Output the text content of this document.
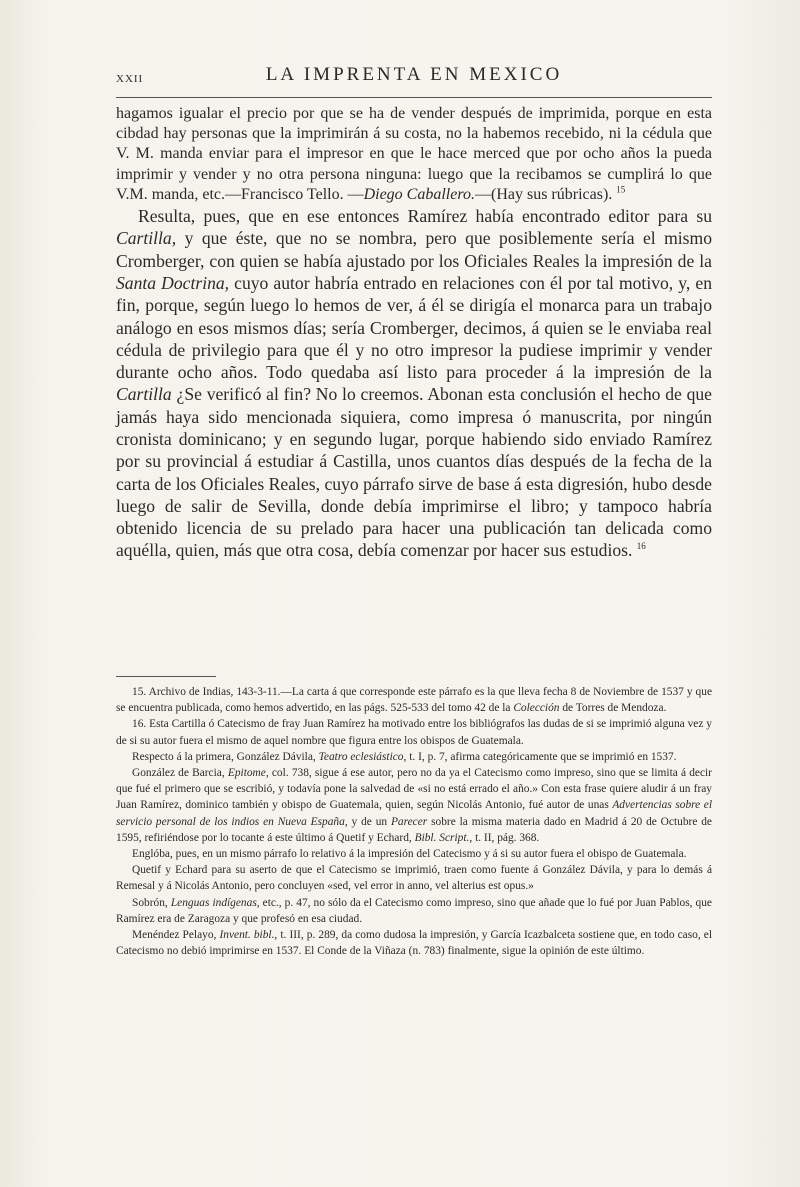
XXII	LA IMPRENTA EN MEXICO

hagamos igualar el precio por que se ha de vender después de imprimida, porque en esta cibdad hay personas que la imprimirán á su costa, no la habemos recebido, ni la cédula que V. M. manda enviar para el impresor en que le hace merced que por ocho años la pueda imprimir y vender y no otra persona ninguna: luego que la recibamos se cumplirá lo que V.M. manda, etc.—Francisco Tello. —Diego Caballero.—(Hay sus rúbricas). $^{15}$

Resulta, pues, que en ese entonces Ramírez había encontrado editor para su Cartilla, y que éste, que no se nombra, pero que posiblemente sería el mismo Cromberger, con quien se había ajustado por los Oficiales Reales la impresión de la Santa Doctrina, cuyo autor habría entrado en relaciones con él por tal motivo, y, en fin, porque, según luego lo hemos de ver, á él se dirigía el monarca para un trabajo análogo en esos mismos días; sería Cromberger, decimos, á quien se le enviaba real cédula de privilegio para que él y no otro impresor la pudiese imprimir y vender durante ocho años. Todo quedaba así listo para proceder á la impresión de la Cartilla ¿Se verificó al fin? No lo creemos. Abonan esta conclusión el hecho de que jamás haya sido mencionada siquiera, como impresa ó manuscrita, por ningún cronista dominicano; y en segundo lugar, porque habiendo sido enviado Ramírez por su provincial á estudiar á Castilla, unos cuantos días después de la fecha de la carta de los Oficiales Reales, cuyo párrafo sirve de base á esta digresión, hubo desde luego de salir de Sevilla, donde debía imprimirse el libro; y tampoco habría obtenido licencia de su prelado para hacer una publicación tan delicada como aquélla, quien, más que otra cosa, debía comenzar por hacer sus estudios. $^{16}$

15. Archivo de Indias, 143-3-11.—La carta á que corresponde este párrafo es la que lleva fecha 8 de Noviembre de 1537 y que se encuentra publicada, como hemos advertido, en las págs. 525-533 del tomo 42 de la Colección de Torres de Mendoza.

16. Esta Cartilla ó Catecismo de fray Juan Ramírez ha motivado entre los bibliógrafos las dudas de si se imprimió alguna vez y de si su autor fuera el mismo de aquel nombre que figura entre los obispos de Guatemala.

Respecto á la primera, González Dávila, Teatro eclesiástico, t. I, p. 7, afirma categóricamente que se imprimió en 1537.

González de Barcia, Epitome, col. 738, sigue á ese autor, pero no da ya el Catecismo como impreso, sino que se limita á decir que fué el primero que se escribió, y todavía pone la salvedad de «si no está errado el año.» Con esta frase quiere aludir á un fray Juan Ramírez, dominico también y obispo de Guatemala, quien, según Nicolás Antonio, fué autor de unas Advertencias sobre el servicio personal de los indios en Nueva España, y de un Parecer sobre la misma materia dado en Madrid á 20 de Octubre de 1595, refiriéndose por lo tocante á este último á Quetif y Echard, Bibl. Script., t. II, pág. 368.

Englóba, pues, en un mismo párrafo lo relativo á la impresión del Catecismo y á si su autor fuera el obispo de Guatemala.

Quetif y Echard para su aserto de que el Catecismo se imprimió, traen como fuente á González Dávila, y para lo demás á Remesal y á Nicolás Antonio, pero concluyen «sed, vel error in anno, vel alterius est opus.»

Sobrón, Lenguas indígenas, etc., p. 47, no sólo da el Catecismo como impreso, sino que añade que lo fué por Juan Pablos, que Ramírez era de Zaragoza y que profesó en esa ciudad.

Menéndez Pelayo, Invent. bibl., t. III, p. 289, da como dudosa la impresión, y García Icazbalceta sostiene que, en todo caso, el Catecismo no debió imprimirse en 1537. El Conde de la Viñaza (n. 783) finalmente, sigue la opinión de este último.
